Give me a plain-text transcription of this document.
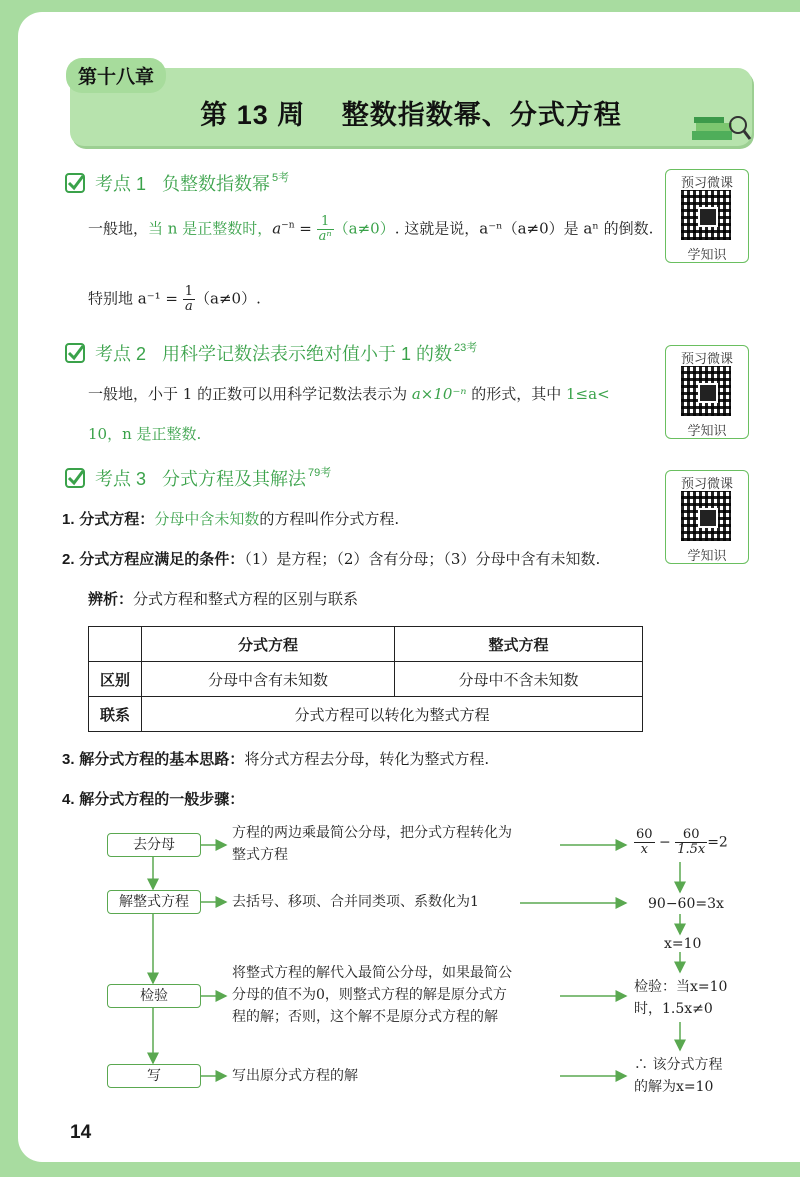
第十八章
第 13 周　 整数指数幂、分式方程
考点 1 负整数指数幂$^{5考}$
一般地，当 n 是正整数时，$a^{-n} = \frac{1}{\text{aⁿ}} (a\ne 0)$. 这就是说，a⁻ⁿ（a≠0）是 aⁿ 的倒数.
特别地 $a^{-1} = \frac{1}{a} (a\ne 0)$.
考点 2 用科学记数法表示绝对值小于 1 的数$^{23考}$
一般地，小于 1 的正数可以用科学记数法表示为 a×10⁻ⁿ 的形式，其中 1≤a<
10，n 是正整数.
考点 3 分式方程及其解法$^{79考}$
1. 分式方程：分母中含未知数的方程叫作分式方程.
2. 分式方程应满足的条件：（1）是方程；（2）含有分母；（3）分母中含有未知数.
辨析：分式方程和整式方程的区别与联系
	分式方程	整式方程
区别	分母中含有未知数	分母中不含未知数
联系	分式方程可以转化为整式方程	
3. 解分式方程的基本思路：将分式方程去分母，转化为整式方程.
4. 解分式方程的一般步骤：
预习微课
学知识
预习微课
学知识
预习微课
学知识
去分母
解整式方程
检验
写
方程的两边乘最简公分母，把分式方程转化为
整式方程
去括号、移项、合并同类项、系数化为1
将整式方程的解代入最简公分母，如果最简公
分母的值不为0，则整式方程的解是原分式方
程的解；否则，这个解不是原分式方程的解
写出原分式方程的解
$\frac{60}{x} - \frac{60}{1.5x} =2$
90−60=3x
x=10
检验：当x=10
时，1.5x≠0
∴ 该分式方程
的解为x=10
14
